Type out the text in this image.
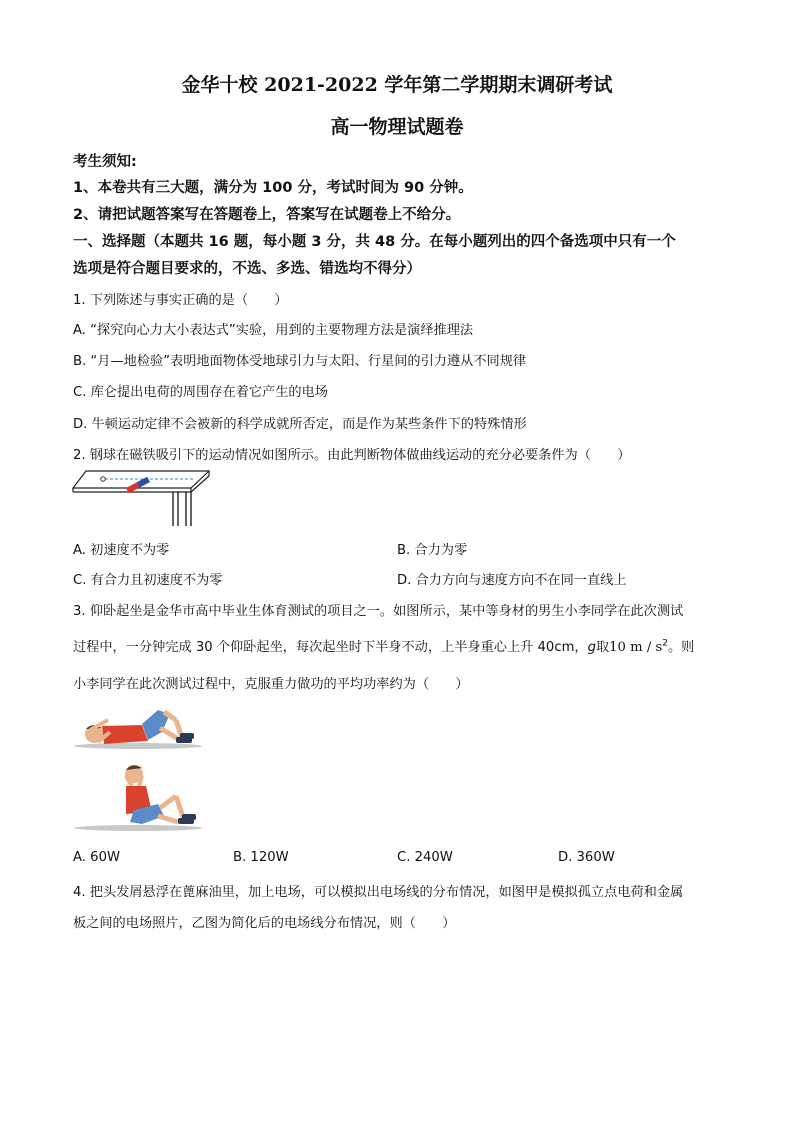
金华十校 2021-2022 学年第二学期期末调研考试
高一物理试题卷
考生须知:
1、本卷共有三大题，满分为 100 分，考试时间为 90 分钟。
2、请把试题答案写在答题卷上，答案写在试题卷上不给分。
一、选择题（本题共 16 题，每小题 3 分，共 48 分。在每小题列出的四个备选项中只有一个
选项是符合题目要求的，不选、多选、错选均不得分）
1. 下列陈述与事实正确的是（　　）
A. “探究向心力大小表达式”实验，用到的主要物理方法是演绎推理法
B. “月—地检验”表明地面物体受地球引力与太阳、行星间的引力遵从不同规律
C. 库仑提出电荷的周围存在着它产生的电场
D. 牛顿运动定律不会被新的科学成就所否定，而是作为某些条件下的特殊情形
2. 钢球在磁铁吸引下的运动情况如图所示。由此判断物体做曲线运动的充分必要条件为（　　）
A. 初速度不为零	B. 合力为零
C. 有合力且初速度不为零	D. 合力方向与速度方向不在同一直线上
3. 仰卧起坐是金华市高中毕业生体育测试的项目之一。如图所示，某中等身材的男生小李同学在此次测试
过程中，一分钟完成 30 个仰卧起坐，每次起坐时下半身不动，上半身重心上升 40cm，g取10 m / $s^2$。则
小李同学在此次测试过程中，克服重力做功的平均功率约为（　　）
A. 60W	B. 120W	C. 240W	D. 360W
4. 把头发屑悬浮在蓖麻油里，加上电场，可以模拟出电场线的分布情况，如图甲是模拟孤立点电荷和金属
板之间的电场照片，乙图为简化后的电场线分布情况，则（　　）
